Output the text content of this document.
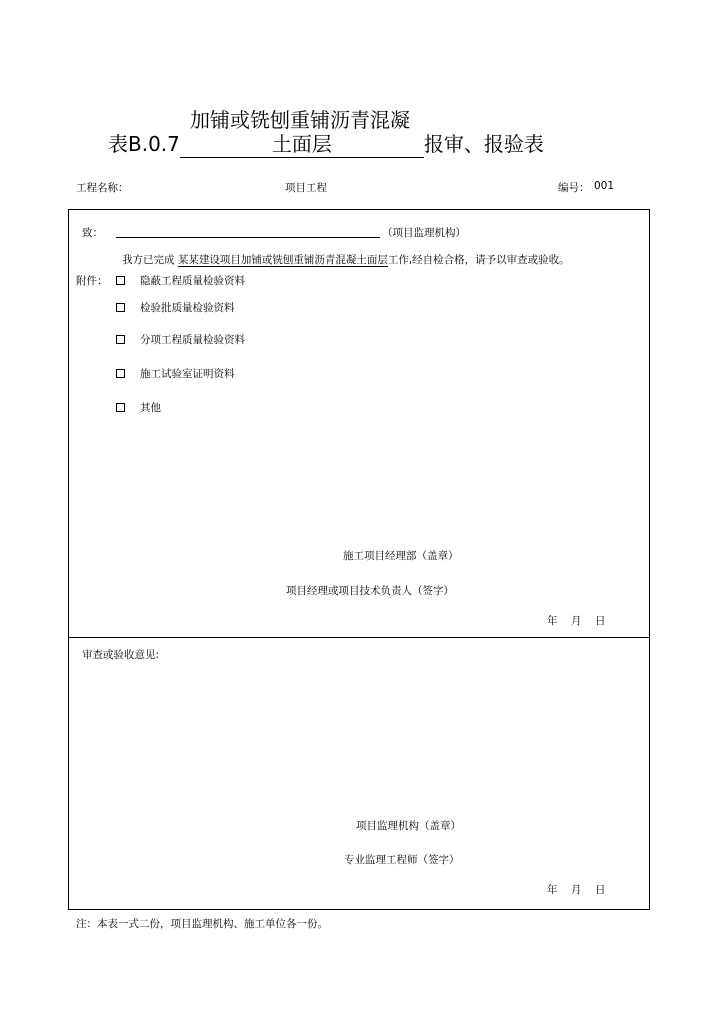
加铺或铣刨重铺沥青混凝
表B.0.7	土面层	报审、报验表
工程名称：	项目工程	编号： 001
致：	（项目监理机构）
我方已完成 某某建设项目加铺或铣刨重铺沥青混凝土面层工作,经自检合格，请予以审查或验收。
附件：	隐蔽工程质量检验资料
检验批质量检验资料
分项工程质量检验资料
施工试验室证明资料
其他
施工项目经理部（盖章）
项目经理或项目技术负责人（签字）
年 月 日
审查或验收意见:
项目监理机构（盖章）
专业监理工程师（签字）
年 月 日
注：本表一式二份，项目监理机构、施工单位各一份。
